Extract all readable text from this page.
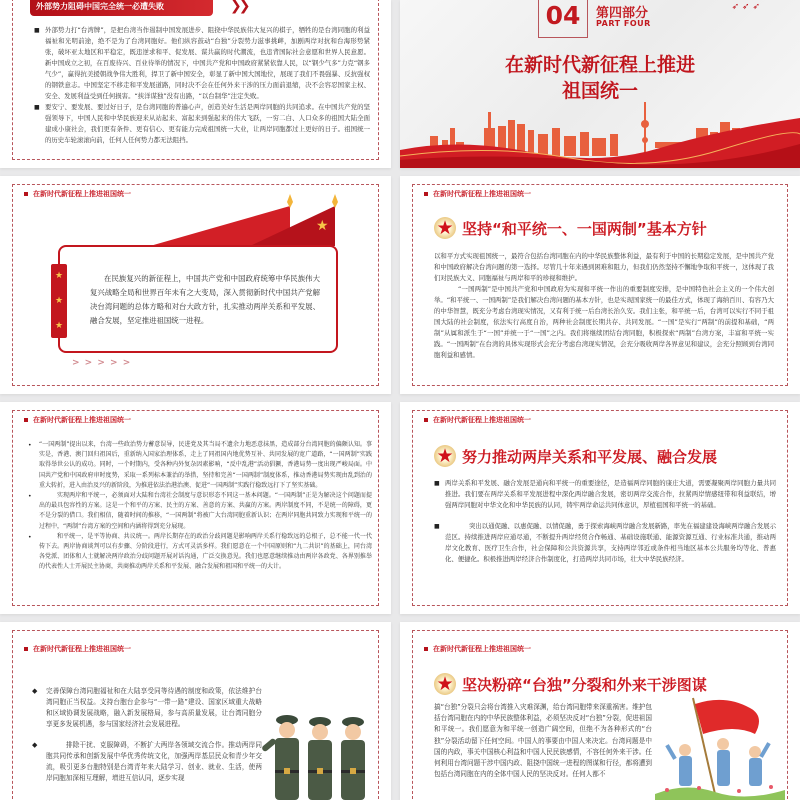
外部势力阻碍中国完全统一必遭失败	❯❯
■ 外部势力打“台湾牌”，是把台湾当作遏制中国发展进步、阻挠中华民族伟大复兴的棋子，牺牲的是台湾同胞的利益福祉和光明前途，绝不是为了台湾同胞好。他们纵容鼓动“台独”分裂势力滋事挑衅，加剧两岸对抗和台海形势紧张，破坏亚太地区和平稳定，既违逆求和平、促发展、谋共赢的时代潮流，也违背国际社会意愿和世界人民意愿。新中国成立之初，在百废待兴、百业待举的情况下，中国共产党和中国政府紧紧依靠人民，以“钢少气多”力克“钢多气少”，赢得抗美援朝战争伟大胜利，捍卫了新中国安全，彰显了新中国大国地位，展现了我们不畏强暴、反抗强权的钢铁意志。中国坚定不移走和平发展道路，同时决不会在任何外来干涉的压力面前退缩，决不会容忍国家主权、安全、发展利益受到任何损害。“挟洋谋独”没有出路，“以台制华”注定失败。

■ 要安宁、要发展、要过好日子，是台湾同胞的普遍心声，创造美好生活是两岸同胞的共同追求。在中国共产党的坚强领导下，中国人民和中华民族迎来从站起来、富起来到强起来的伟大飞跃，一穷二白、人口众多的祖国大陆全面建成小康社会，我们更有条件、更有信心、更有能力完成祖国统一大业，让两岸同胞都过上更好的日子。祖国统一的历史车轮滚滚向前，任何人任何势力都无法阻挡。

04	第四部分
PART FOUR
➶ ➶ ➶
在新时代新征程上推进
祖国统一
在新时代新征程上推进祖国统一
★

在民族复兴的新征程上，中国共产党和中国政府统筹中华民族伟大复兴战略全局和世界百年未有之大变局，深入贯彻新时代中国共产党解决台湾问题的总体方略和对台大政方针，扎实推动两岸关系和平发展、融合发展，坚定推进祖国统一进程。

★
★
★
> > > > >
在新时代新征程上推进祖国统一
★ 坚持“和平统一、一国两制”基本方针

以和平方式实现祖国统一，最符合包括台湾同胞在内的中华民族整体利益，最有利于中国的长期稳定发展，是中国共产党和中国政府解决台湾问题的第一选择。尽管几十年来遇到困难和阻力，但我们仍然坚持不懈地争取和平统一，这体现了我们对民族大义、同胞福祉与两岸和平的珍视和维护。

“一国两制”是中国共产党和中国政府为实现和平统一作出的重要制度安排，是中国特色社会主义的一个伟大创举。“和平统一、一国两制”是我们解决台湾问题的基本方针，也是实现国家统一的最佳方式，体现了海纳百川、有容乃大的中华智慧，既充分考虑台湾现实情况，又有利于统一后台湾长治久安。我们主张，和平统一后，台湾可以实行不同于祖国大陆的社会制度，依法实行高度自治，两种社会制度长期共存、共同发展。“一国”是实行“两制”的前提和基础，“两制”从属和派生于“一国”并统一于“一国”之内。我们将继续团结台湾同胞，积极探索“两制”台湾方案，丰富和平统一实践。“一国两制”在台湾的具体实现形式会充分考虑台湾现实情况，会充分吸收两岸各界意见和建议，会充分照顾到台湾同胞利益和感情。

在新时代新征程上推进祖国统一
•	“一国两制”提出以来，台湾一些政治势力蓄意误导，民进党及其当局不遗余力地恶意抹黑，造成部分台湾同胞的偏颇认知。事实是，香港、澳门回归祖国后，重新纳入国家治理体系，走上了同祖国内地优势互补、共同发展的宽广道路，“一国两制”实践取得举世公认的成功。同时，一个时期内，受各种内外复杂因素影响，“反中乱港”活动猖獗，香港局势一度出现严峻局面。中国共产党和中国政府审时度势，采取一系列标本兼治的举措，坚持和完善“一国两制”制度体系，推动香港局势实现由乱到治的重大转折，进入由治及兴的新阶段，为推进依法治港治澳、促进“一国两制”实践行稳致远打下了坚实基础。

•	实现两岸和平统一，必须面对大陆和台湾社会制度与意识形态不同这一基本问题。“一国两制”正是为解决这个问题而提出的最具包容性的方案。这是一个和平的方案、民主的方案、善意的方案、共赢的方案。两岸制度不同，不是统一的障碍，更不是分裂的借口。我们相信，随着时间的推移，“一国两制”将被广大台湾同胞重新认识；在两岸同胞共同致力实现和平统一的过程中，“两制”台湾方案的空间和内涵将得到充分展现。

•	和平统一，是平等协商、共议统一。两岸长期存在的政治分歧问题是影响两岸关系行稳致远的总根子，总不能一代一代传下去。两岸协商谈判可以有步骤、分阶段进行，方式可灵活多样。我们愿意在一个中国原则和“九二共识”的基础上，同台湾各党派、团体和人士就解决两岸政治分歧问题开展对话沟通，广泛交换意见。我们也愿意继续推动由两岸各政党、各界别推举的代表性人士开展民主协商，共商推动两岸关系和平发展、融合发展和祖国和平统一的大计。

在新时代新征程上推进祖国统一
★ 努力推动两岸关系和平发展、融合发展
■ 两岸关系和平发展、融合发展是通向和平统一的重要途径，是造福两岸同胞的康庄大道，需要凝聚两岸同胞力量共同推进。我们要在两岸关系和平发展进程中深化两岸融合发展，密切两岸交流合作，拉紧两岸情感纽带和利益联结，增强两岸同胞对中华文化和中华民族的认同，铸牢两岸命运共同体意识，厚植祖国和平统一的基础。

■	突出以通促融、以惠促融、以情促融，勇于探索海峡两岸融合发展新路，率先在福建建设海峡两岸融合发展示范区。持续推进两岸应通尽通，不断提升两岸经贸合作畅通、基础设施联通、能源资源互通、行业标准共通，推动两岸文化教育、医疗卫生合作，社会保障和公共资源共享，支持两岸邻近或条件相当地区基本公共服务均等化、普惠化、便捷化。积极推进两岸经济合作制度化，打造两岸共同市场，壮大中华民族经济。

在新时代新征程上推进祖国统一
◆	完善保障台湾同胞福祉和在大陆享受同等待遇的制度和政策，依法维护台湾同胞正当权益。支持台胞台企参与“一带一路”建设、国家区域重大战略和区域协调发展战略，融入新发展格局，参与高质量发展，让台湾同胞分享更多发展机遇，参与国家经济社会发展进程。

◆	排除干扰、克服障碍，不断扩大两岸各领域交流合作。推动两岸同胞共同传承和创新发展中华优秀传统文化，加强两岸基层民众和青少年交流，吸引更多台胞特别是台湾青年来大陆学习、创业、就业、生活，使两岸同胞加深相互理解，增进互信认同，逐步实现

在新时代新征程上推进祖国统一
★ 坚决粉碎“台独”分裂和外来干涉图谋

搞“台独”分裂只会将台湾推入灾难深渊，给台湾同胞带来深重祸害。维护包括台湾同胞在内的中华民族整体利益，必须坚决反对“台独”分裂，促进祖国和平统一。我们愿意为和平统一创造广阔空间，但绝不为各种形式的“台独”分裂活动留下任何空间。中国人的事要由中国人来决定。台湾问题是中国的内政，事关中国核心利益和中国人民民族感情，不容任何外来干涉。任何利用台湾问题干涉中国内政、阻挠中国统一进程的图谋和行径，都将遭到包括台湾同胞在内的全体中国人民的坚决反对。任何人都不
